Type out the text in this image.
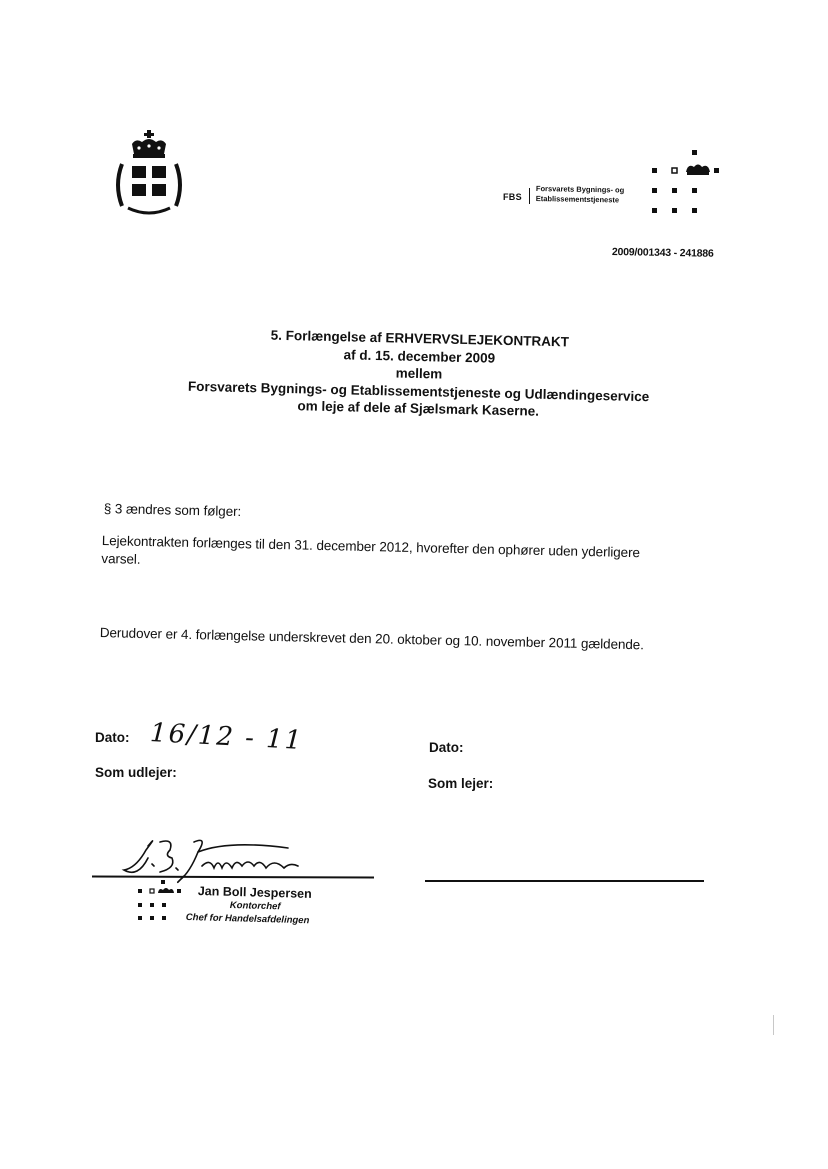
FBS
Forsvarets Bygnings- og
Etablissementstjeneste
2009/001343 - 241886
5. Forlængelse af ERHVERVSLEJEKONTRAKT
af d. 15. december 2009
mellem
Forsvarets Bygnings- og Etablissementstjeneste og Udlændingeservice
om leje af dele af Sjælsmark Kaserne.
§ 3 ændres som følger:
Lejekontrakten forlænges til den 31. december 2012, hvorefter den ophører uden yderligere varsel.
Derudover er 4. forlængelse underskrevet den 20. oktober og 10. november 2011 gældende.
Dato: 16/12 - 11
Som udlejer:
Jan Boll Jespersen
Kontorchef
Chef for Handelsafdelingen
Dato:
Som lejer:
